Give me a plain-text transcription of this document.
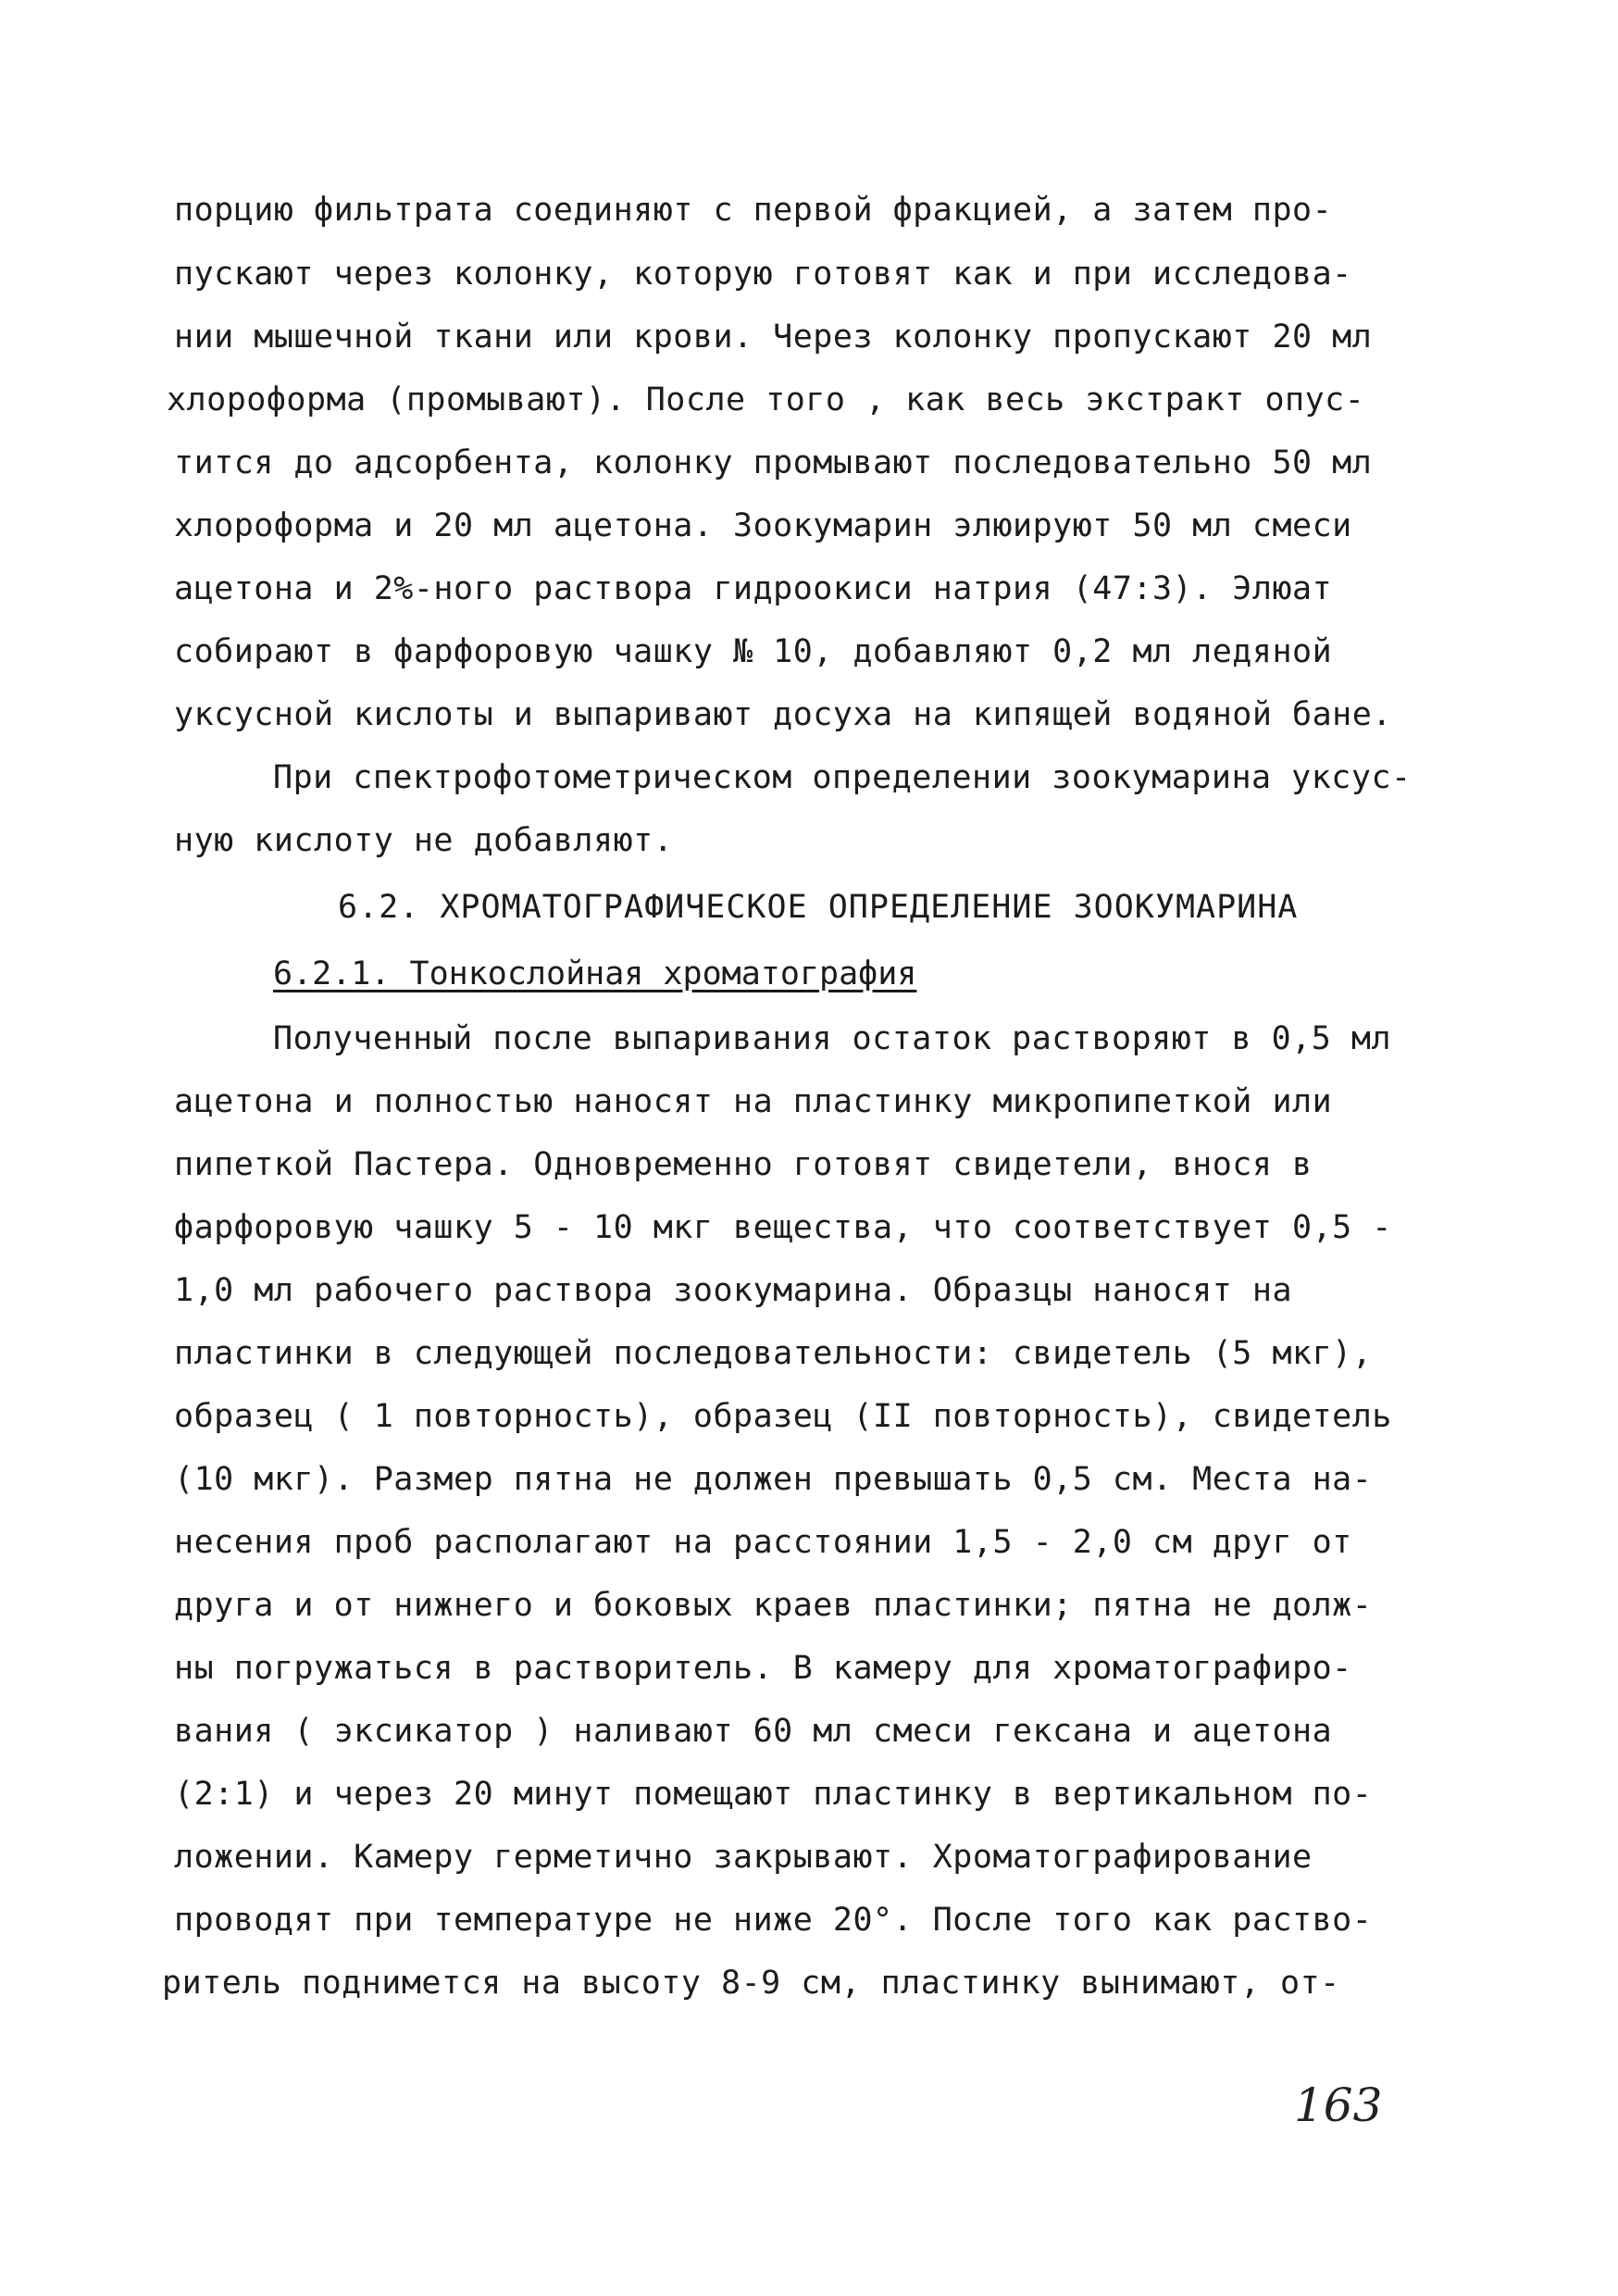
порцию фильтрата соединяют с первой фракцией, а затем про-
пускают через колонку, которую готовят как и при исследова-
нии мышечной ткани или крови. Через колонку пропускают 20 мл
хлороформа (промывают). После того , как весь экстракт опус-
тится до адсорбента, колонку промывают последовательно 50 мл
хлороформа и 20 мл ацетона. Зоокумарин элюируют 50 мл смеси
ацетона и 2%-ного раствора гидроокиси натрия (47:3). Элюат
собирают в фарфоровую чашку № 10, добавляют 0,2 мл ледяной
уксусной кислоты и выпаривают досуха на кипящей водяной бане.
При спектрофотометрическом определении зоокумарина уксус-
ную кислоту не добавляют.
6.2. ХРОМАТОГРАФИЧЕСКОЕ ОПРЕДЕЛЕНИЕ ЗООКУМАРИНА
6.2.1. Тонкослойная хроматография
Полученный после выпаривания остаток растворяют в 0,5 мл
ацетона и полностью наносят на пластинку микропипеткой или
пипеткой Пастера. Одновременно готовят свидетели, внося в
фарфоровую чашку 5 - 10 мкг вещества, что соответствует 0,5 -
1,0 мл рабочего раствора зоокумарина. Образцы наносят на
пластинки в следующей последовательности: свидетель (5 мкг),
образец ( 1 повторность), образец (II повторность), свидетель
(10 мкг). Размер пятна не должен превышать 0,5 см. Места на-
несения проб располагают на расстоянии 1,5 - 2,0 см друг от
друга и от нижнего и боковых краев пластинки; пятна не долж-
ны погружаться в растворитель. В камеру для хроматографиро-
вания ( эксикатор ) наливают 60 мл смеси гексана и ацетона
(2:1) и через 20 минут помещают пластинку в вертикальном по-
ложении. Камеру герметично закрывают. Хроматографирование
проводят при температуре не ниже 20°. После того как раство-
ритель поднимется на высоту 8-9 см, пластинку вынимают, от-
163
